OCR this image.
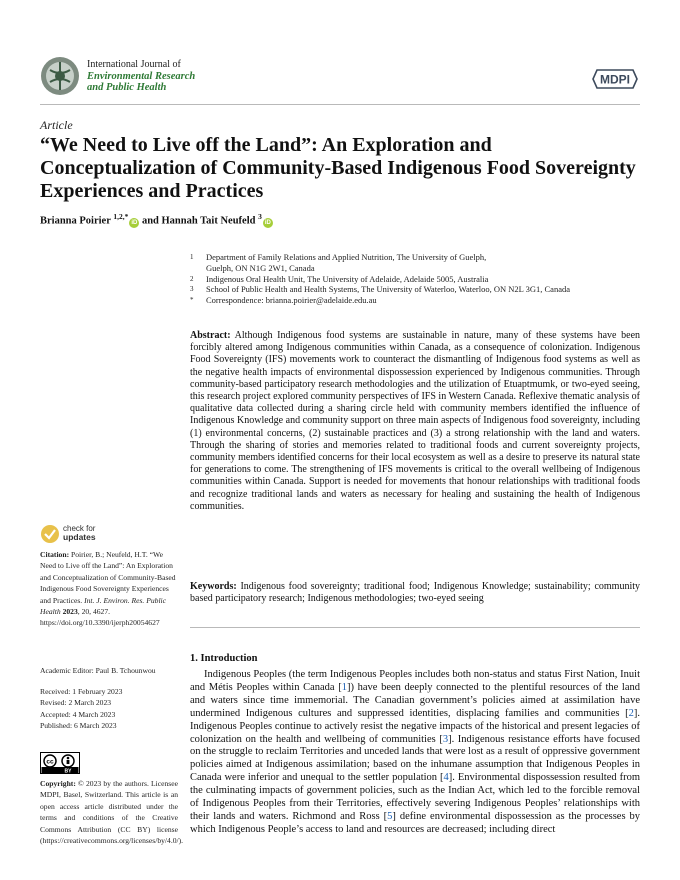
International Journal of
Environmental Research
and Public Health
MDPI
Article
“We Need to Live off the Land”: An Exploration and Conceptualization of Community-Based Indigenous Food Sovereignty Experiences and Practices
Brianna Poirier $^{1,2,*}$iD and Hannah Tait Neufeld $^3$iD
1	Department of Family Relations and Applied Nutrition, The University of Guelph,
Guelph, ON N1G 2W1, Canada
2	Indigenous Oral Health Unit, The University of Adelaide, Adelaide 5005, Australia
3	School of Public Health and Health Systems, The University of Waterloo, Waterloo, ON N2L 3G1, Canada
*	Correspondence: brianna.poirier@adelaide.edu.au
Abstract: Although Indigenous food systems are sustainable in nature, many of these systems have been forcibly altered among Indigenous communities within Canada, as a consequence of colonization. Indigenous Food Sovereignty (IFS) movements work to counteract the dismantling of Indigenous food systems as well as the negative health impacts of environmental dispossession experienced by Indigenous communities. Through community-based participatory research methodologies and the utilization of Etuaptmumk, or two-eyed seeing, this research project explored community perspectives of IFS in Western Canada. Reflexive thematic analysis of qualitative data collected during a sharing circle held with community members identified the influence of Indigenous Knowledge and community support on three main aspects of Indigenous food sovereignty, including (1) environmental concerns, (2) sustainable practices and (3) a strong relationship with the land and waters. Through the sharing of stories and memories related to traditional foods and current sovereignty projects, community members identified concerns for their local ecosystem as well as a desire to preserve its natural state for generations to come. The strengthening of IFS movements is critical to the overall wellbeing of Indigenous communities within Canada. Support is needed for movements that honour relationships with traditional foods and recognize traditional lands and waters as necessary for healing and sustaining the health of Indigenous communities.
Keywords: Indigenous food sovereignty; traditional food; Indigenous Knowledge; sustainability; community based participatory research; Indigenous methodologies; two-eyed seeing
check for
updates
Citation: Poirier, B.; Neufeld, H.T. “We Need to Live off the Land”: An Exploration and Conceptualization of Community-Based Indigenous Food Sovereignty Experiences and Practices. Int. J. Environ. Res. Public Health 2023, 20, 4627. https://doi.org/10.3390/ijerph20054627
Academic Editor: Paul B. Tchounwou
Received: 1 February 2023
Revised: 2 March 2023
Accepted: 4 March 2023
Published: 6 March 2023
cc
BY
Copyright: © 2023 by the authors. Licensee MDPI, Basel, Switzerland. This article is an open access article distributed under the terms and conditions of the Creative Commons Attribution (CC BY) license (https://creativecommons.org/licenses/by/4.0/).
1. Introduction
Indigenous Peoples (the term Indigenous Peoples includes both non-status and status First Nation, Inuit and Métis Peoples within Canada [1]) have been deeply connected to the plentiful resources of the land and waters since time immemorial. The Canadian government’s policies aimed at assimilation have undermined Indigenous cultures and suppressed identities, displacing families and communities [2]. Indigenous Peoples continue to actively resist the negative impacts of the historical and present legacies of colonization on the health and wellbeing of communities [3]. Indigenous resistance efforts have focused on the struggle to reclaim Territories and unceded lands that were lost as a result of oppressive government policies aimed at Indigenous assimilation; based on the inhumane assumption that Indigenous Peoples in Canada were inferior and unequal to the settler population [4]. Environmental dispossession resulted from the culminating impacts of government policies, such as the Indian Act, which led to the forcible removal of Indigenous Peoples from their Territories, effectively severing Indigenous Peoples’ relationships with their lands and waters. Richmond and Ross [5] define environmental dispossession as the processes by which Indigenous People’s access to land and resources are decreased; including direct
